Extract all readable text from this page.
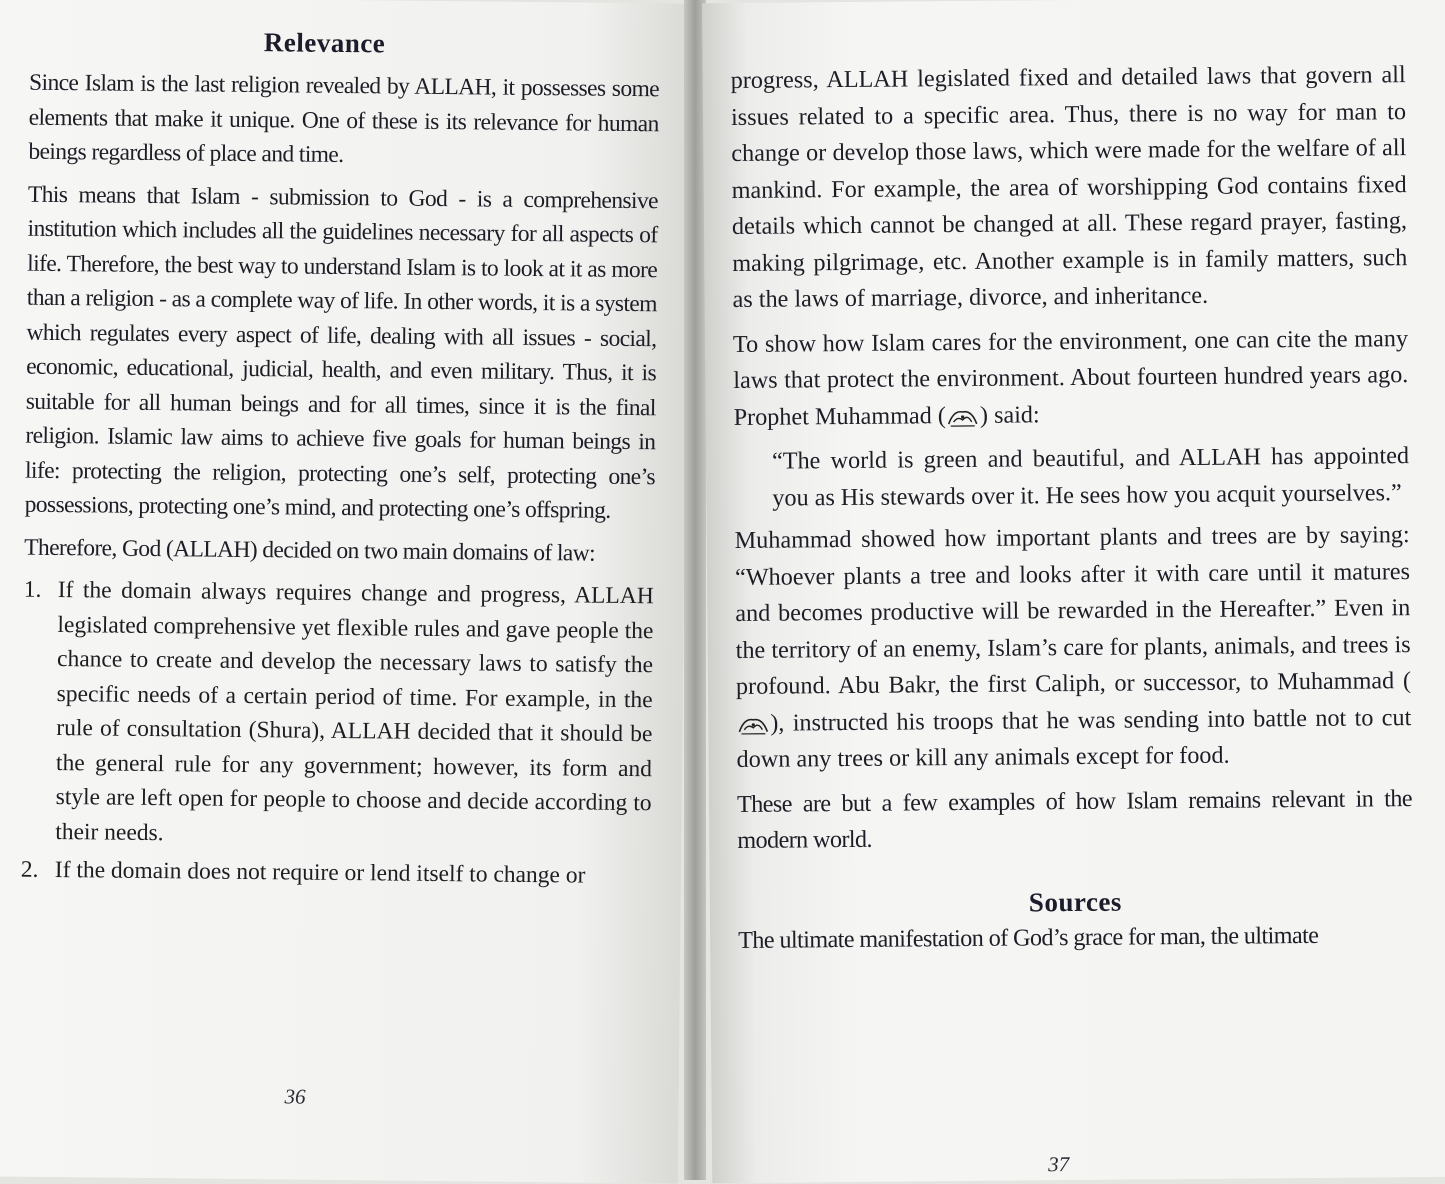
Relevance

Since Islam is the last religion revealed by ALLAH, it possesses some elements that make it unique. One of these is its relevance for human beings regardless of place and time.

This means that Islam - submission to God - is a comprehensive institution which includes all the guidelines necessary for all aspects of life. Therefore, the best way to understand Islam is to look at it as more than a religion - as a complete way of life. In other words, it is a system which regulates every aspect of life, dealing with all issues - social, economic, educational, judicial, health, and even military. Thus, it is suitable for all human beings and for all times, since it is the final religion. Islamic law aims to achieve five goals for human beings in life: protecting the religion, protecting one’s self, protecting one’s possessions, protecting one’s mind, and protecting one’s offspring.

Therefore, God (ALLAH) decided on two main domains of law:

1. If the domain always requires change and progress, ALLAH legislated comprehensive yet flexible rules and gave people the chance to create and develop the necessary laws to satisfy the specific needs of a certain period of time. For example, in the rule of consultation (Shura), ALLAH decided that it should be the general rule for any government; however, its form and style are left open for people to choose and decide according to their needs.
2. If the domain does not require or lend itself to change or
36

progress, ALLAH legislated fixed and detailed laws that govern all issues related to a specific area. Thus, there is no way for man to change or develop those laws, which were made for the welfare of all mankind. For example, the area of worshipping God contains fixed details which cannot be changed at all. These regard prayer, fasting, making pilgrimage, etc. Another example is in family matters, such as the laws of marriage, divorce, and inheritance.

To show how Islam cares for the environment, one can cite the many laws that protect the environment. About fourteen hundred years ago. Prophet Muhammad ( ) said:

“The world is green and beautiful, and ALLAH has appointed you as His stewards over it. He sees how you acquit yourselves.”

Muhammad showed how important plants and trees are by saying: “Whoever plants a tree and looks after it with care until it matures and becomes productive will be rewarded in the Hereafter.” Even in the territory of an enemy, Islam’s care for plants, animals, and trees is profound. Abu Bakr, the first Caliph, or successor, to Muhammad (), instructed his troops that he was sending into battle not to cut down any trees or kill any animals except for food.

These are but a few examples of how Islam remains relevant in the modern world.

Sources

The ultimate manifestation of God’s grace for man, the ultimate

37
